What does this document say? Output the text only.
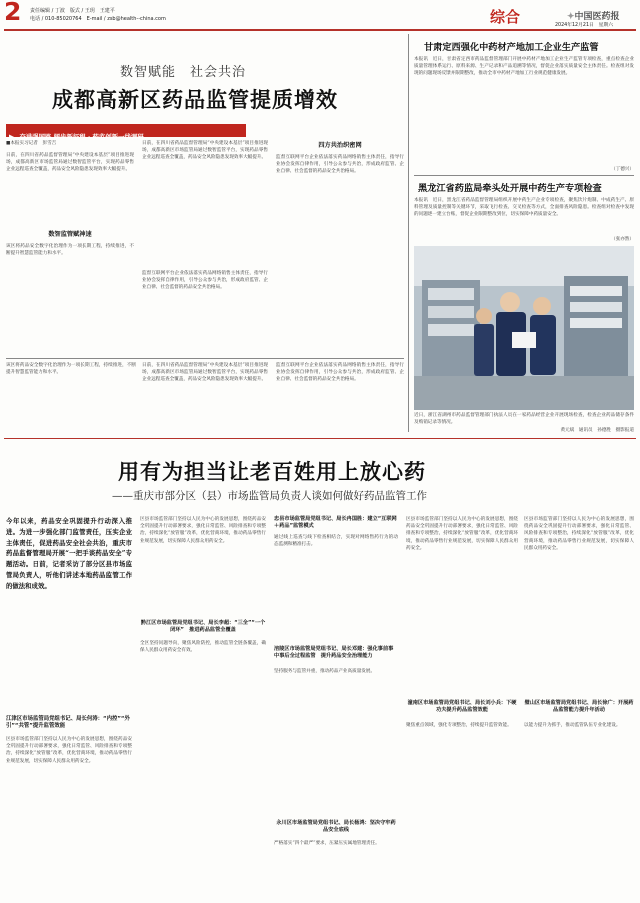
2 责任编辑 / 丁波　版式 / 王玥　王建平
电话 / 010-85020764　E-mail / zsb@health--china.com	综合	✦中国医药报
2024年12月21日　星期六
数智赋能　社会共治
成都高新区药品监管提质增效
▶ 奋进强国路 阔步新征程 · 药监创新一线调研
■本报实习记者　彭雪吉
日前，在四川省药品监督管理局“中央建设本基层”项目推进现场，成都高新区市场监管局通过数智监管平台，实现药品零售企业远程巡查全覆盖，药品安全风险隐患发现效率大幅提升。
数智监管赋神速
该区将药品安全数字化治理作为一项长期工程，持续推进，不断提升智慧监管能力和水平。
日前，在四川省药品监督管理局“中央建设本基层”项目推进现场，成都高新区市场监管局通过数智监管平台，实现药品零售企业远程巡查全覆盖，药品安全风险隐患发现效率大幅提升。
监督互联网平台企业依法落实药品网络销售主体责任，指导行业协会发挥自律作用，引导公众参与共治，形成政府监管、企业自律、社会监督的药品安全共治格局。
四方共治织密网
监督互联网平台企业依法落实药品网络销售主体责任，指导行业协会发挥自律作用，引导公众参与共治，形成政府监管、企业自律、社会监督的药品安全共治格局。
该区将药品安全数字化治理作为一项长期工程，持续推进，不断提升智慧监管能力和水平。
日前，在四川省药品监督管理局“中央建设本基层”项目推进现场，成都高新区市场监管局通过数智监管平台，实现药品零售企业远程巡查全覆盖，药品安全风险隐患发现效率大幅提升。
监督互联网平台企业依法落实药品网络销售主体责任，指导行业协会发挥自律作用，引导公众参与共治，形成政府监管、企业自律、社会监督的药品安全共治格局。
甘肃定西强化中药材产地加工企业生产监管
本报讯　近日，甘肃省定西市药品监督管理部门开展中药材产地加工企业生产监管专项检查，重点检查企业质量管理体系运行、原料来源、生产记录和产品追溯等情况，督促企业落实质量安全主体责任。检查组对发现的问题现场反馈并限期整改，推动全市中药材产地加工行业规范健康发展。
（丁德兴）
黑龙江省药监局牵头处开展中药生产专项检查
本报讯　近日，黑龙江省药品监督管理局组织开展中药生产企业专项检查，聚焦饮片炮制、中成药生产、原料管理及质量控制等关键环节，采取飞行检查、交叉检查等方式，全面排查风险隐患。检查组对检查中发现的问题逐一建立台账，督促企业限期整改到位，切实保障中药质量安全。
（张亦然）
近日，浙江省湖州市药品监督管理部门执法人员在一家药品经营企业开展现场检查，检查企业药品储存条件及购销记录等情况。
黄元斌　通讯员　孙德胜　摄影报道
用有为担当让老百姓用上放心药
——重庆市部分区（县）市场监管局负责人谈如何做好药品监管工作
今年以来，药品安全巩固提升行动深入推进。为进一步强化部门监管责任，压实企业主体责任，促进药品安全社会共治，重庆市药品监督管理局开展“一把手谈药品安全”专题活动。日前，记者采访了部分区县市场监管局负责人，听他们讲述本地药品监管工作的做法和成效。
江津区市场监管局党组书记、局长何涛：“内控”“外引”“共管”提升监管效能
区县市场监管部门坚持以人民为中心的发展思想，围绕药品安全巩固提升行动部署要求，强化日常监管、风险排查和专项整治，持续深化“放管服”改革，优化营商环境，推动药品零售行业规范发展，切实保障人民群众用药安全。
区县市场监管部门坚持以人民为中心的发展思想，围绕药品安全巩固提升行动部署要求，强化日常监管、风险排查和专项整治，持续深化“放管服”改革，优化营商环境，推动药品零售行业规范发展，切实保障人民群众用药安全。
黔江区市场监管局党组书记、局长李超：“三全”“一个闭环”　推进药品监管全覆盖
全区坚持问题导向，聚焦风险防控，推动监管全链条覆盖，确保人民群众用药安全有效。
忠县市场监管局党组书记、局长冉国胜：建立“互联网＋药品”监管模式
通过线上巡查与线下检查相结合，实现对网络售药行为的动态监测和精准打击。
涪陵区市场监管局党组书记、局长邓建：强化事前事中事后全过程监管　提升药品安全治理能力
坚持服务与监管并重，推动药品产业高质量发展。
永川区市场监管局党组书记、局长杨鸿：坚决守牢药品安全底线
严格落实“四个最严”要求，压紧压实属地管理责任。
区县市场监管部门坚持以人民为中心的发展思想，围绕药品安全巩固提升行动部署要求，强化日常监管、风险排查和专项整治，持续深化“放管服”改革，优化营商环境，推动药品零售行业规范发展，切实保障人民群众用药安全。
潼南区市场监管局党组书记、局长刘小兵：下硬功夫提升药品监管效能
聚焦重点领域，强化专项整治，持续提升监管效能。
区县市场监管部门坚持以人民为中心的发展思想，围绕药品安全巩固提升行动部署要求，强化日常监管、风险排查和专项整治，持续深化“放管服”改革，优化营商环境，推动药品零售行业规范发展，切实保障人民群众用药安全。
璧山区市场监管局党组书记、局长徐广：开展药品监管能力提升年活动
以能力提升为抓手，推动监管队伍专业化建设。
